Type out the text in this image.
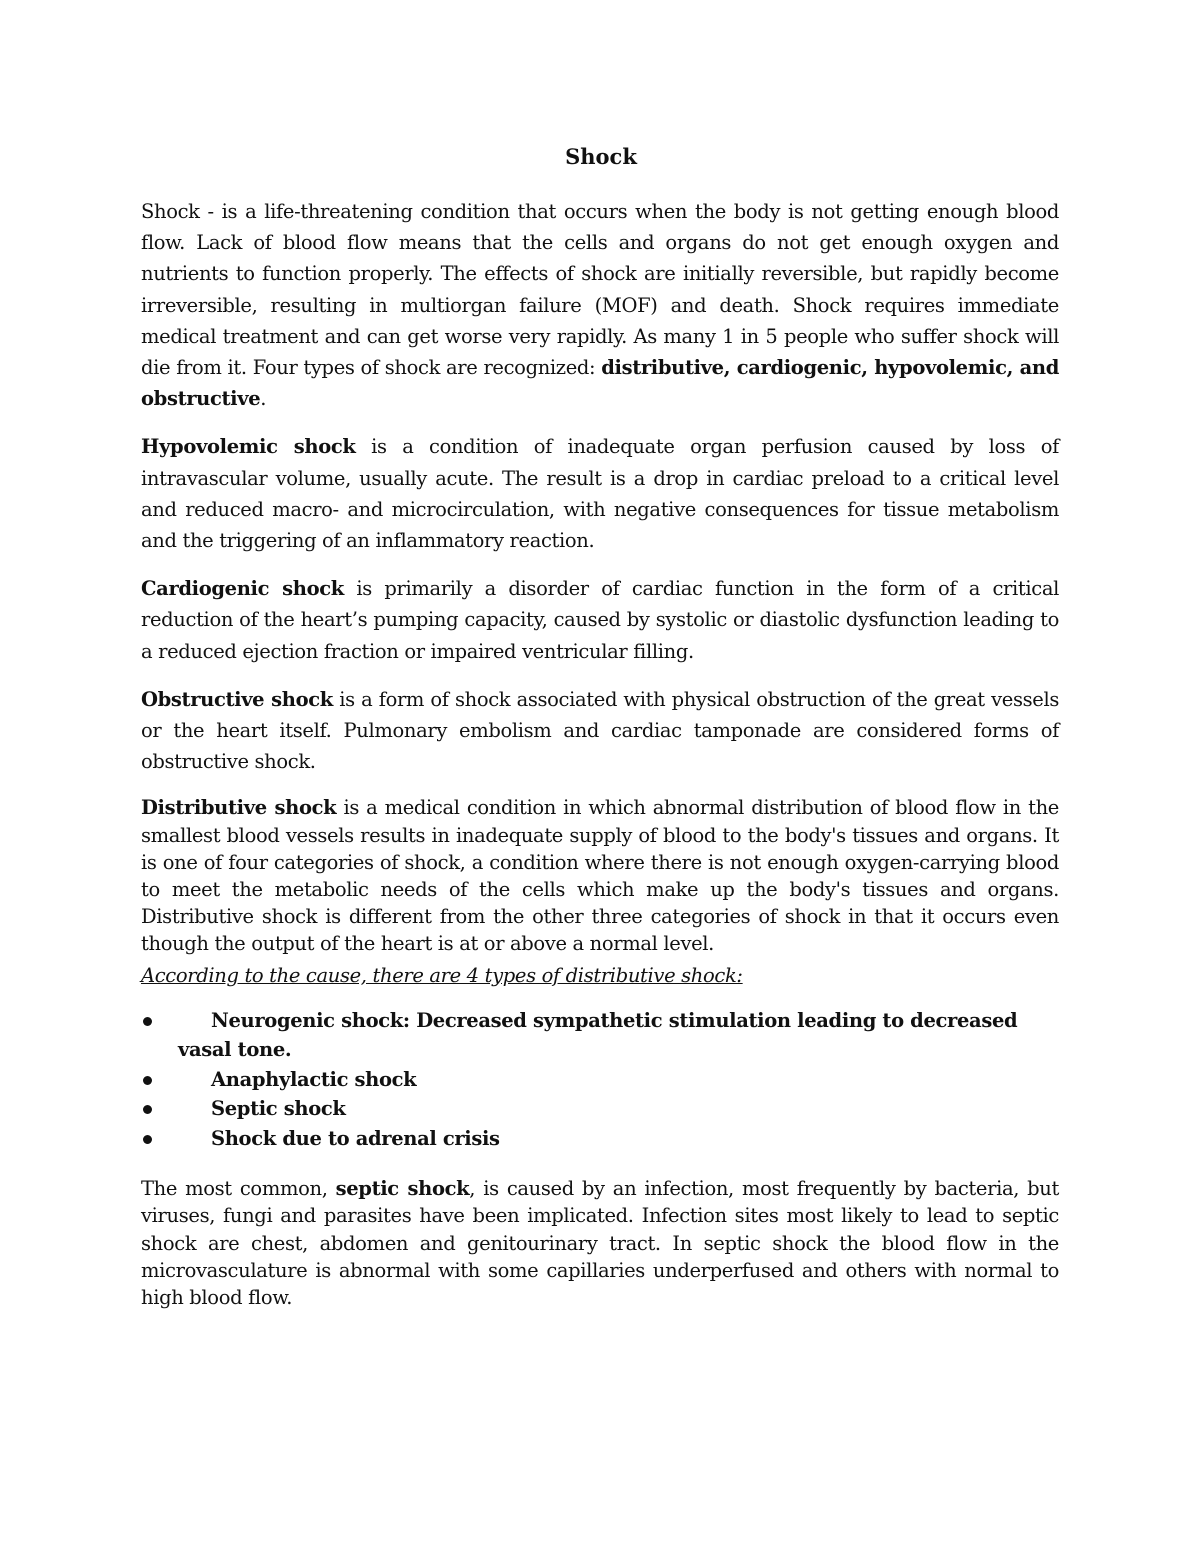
Shock

Shock - is a life-threatening condition that occurs when the body is not getting enough blood flow. Lack of blood flow means that the cells and organs do not get enough oxygen and nutrients to function properly. The effects of shock are initially reversible, but rapidly become irreversible, resulting in multiorgan failure (MOF) and death. Shock requires immediate medical treatment and can get worse very rapidly. As many 1 in 5 people who suffer shock will die from it. Four types of shock are recognized: distributive, cardiogenic, hypovolemic, and obstructive.

Hypovolemic shock is a condition of inadequate organ perfusion caused by loss of intravascular volume, usually acute. The result is a drop in cardiac preload to a critical level and reduced macro- and microcirculation, with negative consequences for tissue metabolism and the triggering of an inflammatory reaction.

Cardiogenic shock is primarily a disorder of cardiac function in the form of a critical reduction of the heart’s pumping capacity, caused by systolic or diastolic dysfunction leading to a reduced ejection fraction or impaired ventricular filling.

Obstructive shock is a form of shock associated with physical obstruction of the great vessels or the heart itself. Pulmonary embolism and cardiac tamponade are considered forms of obstructive shock.

Distributive shock is a medical condition in which abnormal distribution of blood flow in the smallest blood vessels results in inadequate supply of blood to the body's tissues and organs. It is one of four categories of shock, a condition where there is not enough oxygen-carrying blood to meet the metabolic needs of the cells which make up the body's tissues and organs. Distributive shock is different from the other three categories of shock in that it occurs even though the output of the heart is at or above a normal level.

According to the cause, there are 4 types of distributive shock:

Neurogenic shock: Decreased sympathetic stimulation leading to decreased vasal tone.
Anaphylactic shock
Septic shock
Shock due to adrenal crisis

The most common, septic shock, is caused by an infection, most frequently by bacteria, but viruses, fungi and parasites have been implicated. Infection sites most likely to lead to septic shock are chest, abdomen and genitourinary tract. In septic shock the blood flow in the microvasculature is abnormal with some capillaries underperfused and others with normal to high blood flow.
